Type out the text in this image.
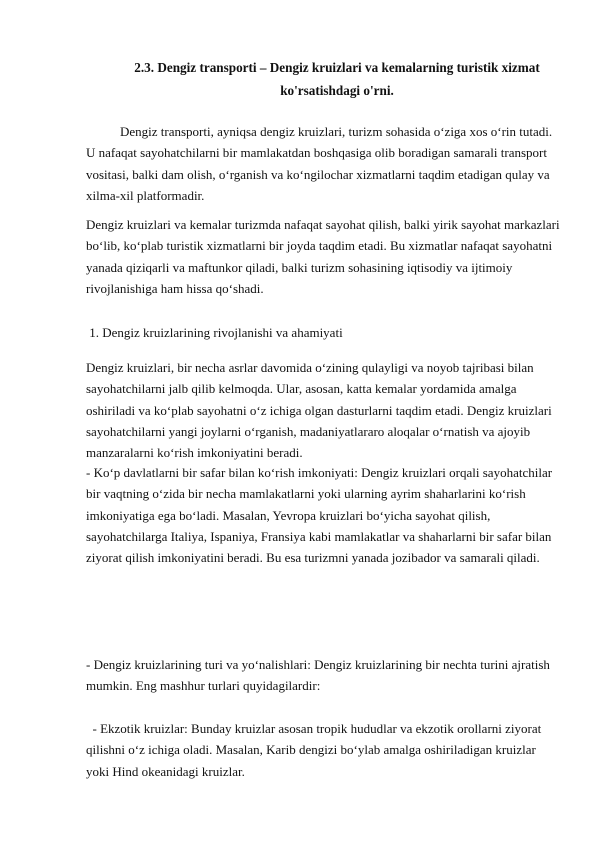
2.3. Dengiz transporti – Dengiz kruizlari va kemalarning turistik xizmat ko'rsatishdagi o'rni.

Dengiz transporti, ayniqsa dengiz kruizlari, turizm sohasida o‘ziga xos o‘rin tutadi. U nafaqat sayohatchilarni bir mamlakatdan boshqasiga olib boradigan samarali transport vositasi, balki dam olish, o‘rganish va ko‘ngilochar xizmatlarni taqdim etadigan qulay va xilma-xil platformadir.

Dengiz kruizlari va kemalar turizmda nafaqat sayohat qilish, balki yirik sayohat markazlari bo‘lib, ko‘plab turistik xizmatlarni bir joyda taqdim etadi. Bu xizmatlar nafaqat sayohatni yanada qiziqarli va maftunkor qiladi, balki turizm sohasining iqtisodiy va ijtimoiy rivojlanishiga ham hissa qo‘shadi.

1. Dengiz kruizlarining rivojlanishi va ahamiyati

Dengiz kruizlari, bir necha asrlar davomida o‘zining qulayligi va noyob tajribasi bilan sayohatchilarni jalb qilib kelmoqda. Ular, asosan, katta kemalar yordamida amalga oshiriladi va ko‘plab sayohatni o‘z ichiga olgan dasturlarni taqdim etadi. Dengiz kruizlari sayohatchilarni yangi joylarni o‘rganish, madaniyatlararo aloqalar o‘rnatish va ajoyib manzaralarni ko‘rish imkoniyatini beradi.

- Ko‘p davlatlarni bir safar bilan ko‘rish imkoniyati: Dengiz kruizlari orqali sayohatchilar bir vaqtning o‘zida bir necha mamlakatlarni yoki ularning ayrim shaharlarini ko‘rish imkoniyatiga ega bo‘ladi. Masalan, Yevropa kruizlari bo‘yicha sayohat qilish, sayohatchilarga Italiya, Ispaniya, Fransiya kabi mamlakatlar va shaharlarni bir safar bilan ziyorat qilish imkoniyatini beradi. Bu esa turizmni yanada jozibador va samarali qiladi.

- Dengiz kruizlarining turi va yo‘nalishlari: Dengiz kruizlarining bir nechta turini ajratish mumkin. Eng mashhur turlari quyidagilardir:

- Ekzotik kruizlar: Bunday kruizlar asosan tropik hududlar va ekzotik orollarni ziyorat qilishni o‘z ichiga oladi. Masalan, Karib dengizi bo‘ylab amalga oshiriladigan kruizlar yoki Hind okeanidagi kruizlar.
